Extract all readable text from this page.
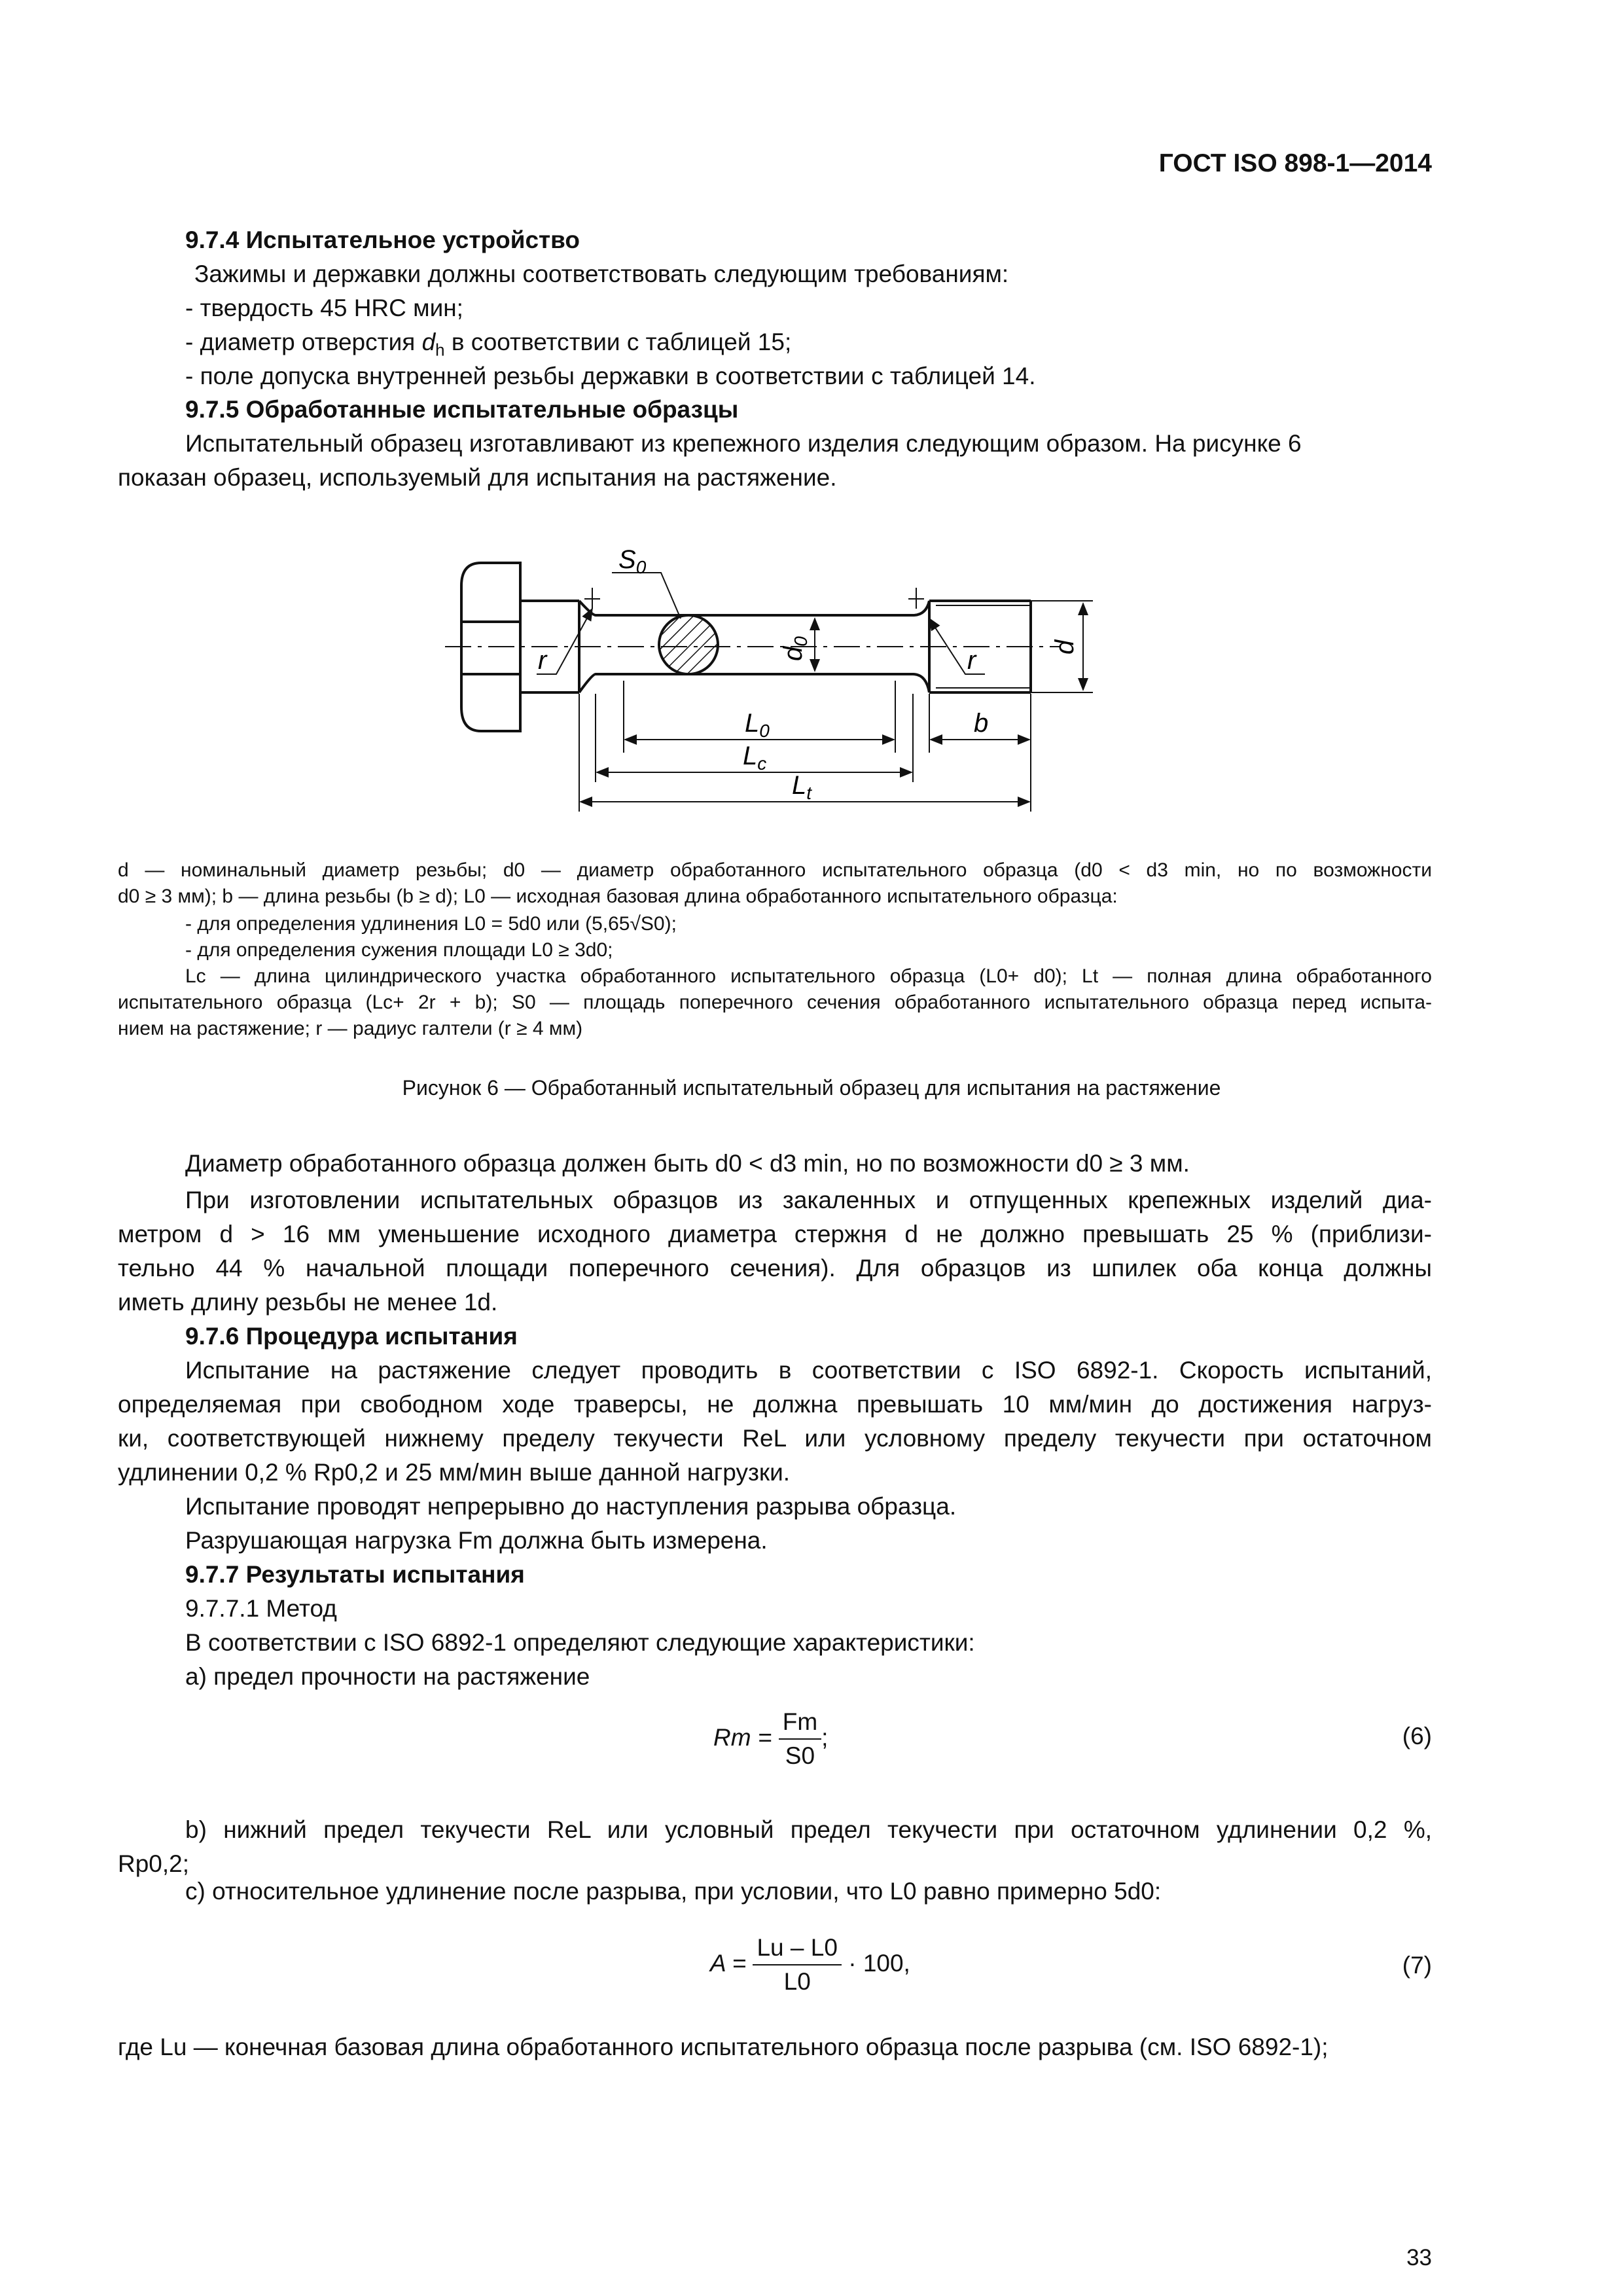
ГОСТ ISO 898-1—2014
9.7.4 Испытательное устройство
Зажимы и державки должны соответствовать следующим требованиям:
- твердость 45 HRC мин;
- диаметр отверстия $d_h$ в соответствии с таблицей 15;
- поле допуска внутренней резьбы державки в соответствии с таблицей 14.
9.7.5 Обработанные испытательные образцы
Испытательный образец изготавливают из крепежного изделия следующим образом. На рисунке 6
показан образец, используемый для испытания на растяжение.
$S_0$
$d_0$	d
r	r
$L_0$	b
$L_c$
$L_t$
d — номинальный диаметр резьбы; d0 — диаметр обработанного испытательного образца (d0 < d3 min, но по возможности
d0 ≥ 3 мм); b — длина резьбы (b ≥ d); L0 — исходная базовая длина обработанного испытательного образца:
- для определения удлинения L0 = 5d0 или (5,65√S0);
- для определения сужения площади L0 ≥ 3d0;
Lc — длина цилиндрического участка обработанного испытательного образца (L0+ d0); Lt — полная длина обработанного
испытательного образца (Lc+ 2r + b); S0 — площадь поперечного сечения обработанного испытательного образца перед испыта-
нием на растяжение; r — радиус галтели (r ≥ 4 мм)
Рисунок 6 — Обработанный испытательный образец для испытания на растяжение
Диаметр обработанного образца должен быть d0 < d3 min, но по возможности d0 ≥ 3 мм.
При изготовлении испытательных образцов из закаленных и отпущенных крепежных изделий диа-
метром d > 16 мм уменьшение исходного диаметра стержня d не должно превышать 25 % (приблизи-
тельно 44 % начальной площади поперечного сечения). Для образцов из шпилек оба конца должны
иметь длину резьбы не менее 1d.
9.7.6 Процедура испытания
Испытание на растяжение следует проводить в соответствии с ISO 6892-1. Скорость испытаний,
определяемая при свободном ходе траверсы, не должна превышать 10 мм/мин до достижения нагруз-
ки, соответствующей нижнему пределу текучести ReL или условному пределу текучести при остаточном
удлинении 0,2 % Rp0,2 и 25 мм/мин выше данной нагрузки.
Испытание проводят непрерывно до наступления разрыва образца.
Разрушающая нагрузка Fm должна быть измерена.
9.7.7 Результаты испытания
9.7.7.1 Метод
В соответствии с ISO 6892-1 определяют следующие характеристики:
a) предел прочности на растяжение
$Rm = \frac{Fm}{S0}$ ;	(6)
b) нижний предел текучести ReL или условный предел текучести при остаточном удлинении 0,2 %,
Rp0,2;
c) относительное удлинение после разрыва, при условии, что L0 равно примерно 5d0:
$A = \frac{Lu - L0}{L0} \cdot 100$,	(7)
где Lu — конечная базовая длина обработанного испытательного образца после разрыва (см. ISO 6892-1);
33
